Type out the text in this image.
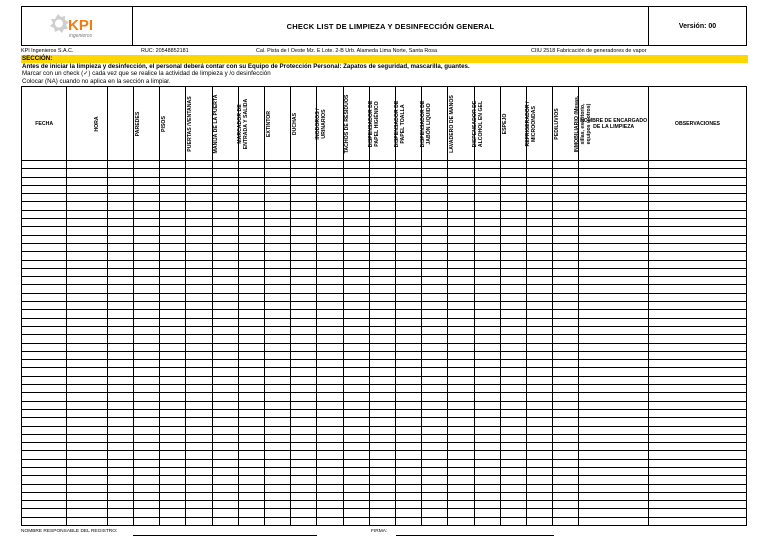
KPI
ingenieros
CHECK LIST DE LIMPIEZA Y DESINFECCIÓN GENERAL	Versión: 00
KPI Ingenieros S.A.C.	RUC: 20548852181	Cal. Pista de l Oeste Mz. E Lote. 2-B Urb. Alameda Lima Norte, Santa Rosa	CIIU 2518 Fabricación de generadores de vapor
SECCIÓN:
Antes de iniciar la limpieza y desinfección, el personal deberá contar con su Equipo de Protección Personal: Zapatos de seguridad, mascarilla, guantes.
Marcar con un check (✓) cada vez que se realice la actividad de limpieza y /o desinfección
Colocar (NA) cuando no aplica en la sección a limpiar.
FECHA	HORA	PAREDES	PISOS	PUERTAS /VENTANAS	MANIJA DE LA PUERTA	MARCADOR DE ENTRADA Y SALIDA	EXTINTOR	DUCHAS	INODOROS / URINARIOS	TACHOS DE RESIDUOS	DISPENSADOR DE PAPEL HIGIÉNICO	DISPENSADOR DE PAPEL TOALLA	DISPENSADOR DE JABÓN LIQUIDO	LAVADERO DE MANOS	DISPENSADOR DE ALCOHOL EN GEL	ESPEJO	REFRIGERADOR / MICROONDAS	PEDILUVIOS	INMOBILIARIO (Mesas, sillas, escritorio, equipos u otros)	NOMBRE DE ENCARGADO DE LA LIMPIEZA	OBSERVACIONES

NOMBRE RESPONSABLE DEL REGISTRO:	FIRMA:
